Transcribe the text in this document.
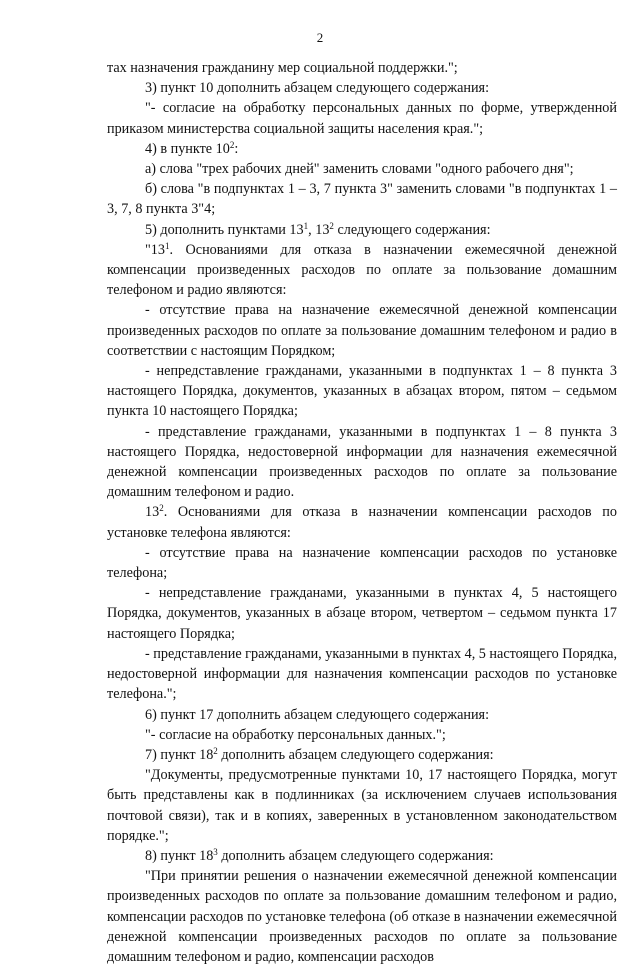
2

тах назначения гражданину мер социальной поддержки.";

3) пункт 10 дополнить абзацем следующего содержания:

"- согласие на обработку персональных данных по форме, утвержденной приказом министерства социальной защиты населения края.";

4) в пункте $10^2$:

а) слова "трех рабочих дней" заменить словами "одного рабочего дня";

б) слова "в подпунктах 1 – 3, 7 пункта 3" заменить словами "в подпунктах 1 – 3, 7, 8 пункта 3"4;

5) дополнить пунктами $13^1$, $13^2$ следующего содержания:

"$13^1$. Основаниями для отказа в назначении ежемесячной денежной компенсации произведенных расходов по оплате за пользование домашним телефоном и радио являются:

- отсутствие права на назначение ежемесячной денежной компенсации произведенных расходов по оплате за пользование домашним телефоном и радио в соответствии с настоящим Порядком;

- непредставление гражданами, указанными в подпунктах 1 – 8 пункта 3 настоящего Порядка, документов, указанных в абзацах втором, пятом – седьмом пункта 10 настоящего Порядка;

- представление гражданами, указанными в подпунктах 1 – 8 пункта 3 настоящего Порядка, недостоверной информации для назначения ежемесячной денежной компенсации произведенных расходов по оплате за пользование домашним телефоном и радио.

$13^2$. Основаниями для отказа в назначении компенсации расходов по установке телефона являются:

- отсутствие права на назначение компенсации расходов по установке телефона;

- непредставление гражданами, указанными в пунктах 4, 5 настоящего Порядка, документов, указанных в абзаце втором, четвертом – седьмом пункта 17 настоящего Порядка;

- представление гражданами, указанными в пунктах 4, 5 настоящего Порядка, недостоверной информации для назначения компенсации расходов по установке телефона.";

6) пункт 17 дополнить абзацем следующего содержания:

"- согласие на обработку персональных данных.";

7) пункт $18^2$ дополнить абзацем следующего содержания:

"Документы, предусмотренные пунктами 10, 17 настоящего Порядка, могут быть представлены как в подлинниках (за исключением случаев использования почтовой связи), так и в копиях, заверенных в установленном законодательством порядке.";

8) пункт $18^3$ дополнить абзацем следующего содержания:

"При принятии решения о назначении ежемесячной денежной компенсации произведенных расходов по оплате за пользование домашним телефоном и радио, компенсации расходов по установке телефона (об отказе в назначении ежемесячной денежной компенсации произведенных расходов по оплате за пользование домашним телефоном и радио, компенсации расходов
